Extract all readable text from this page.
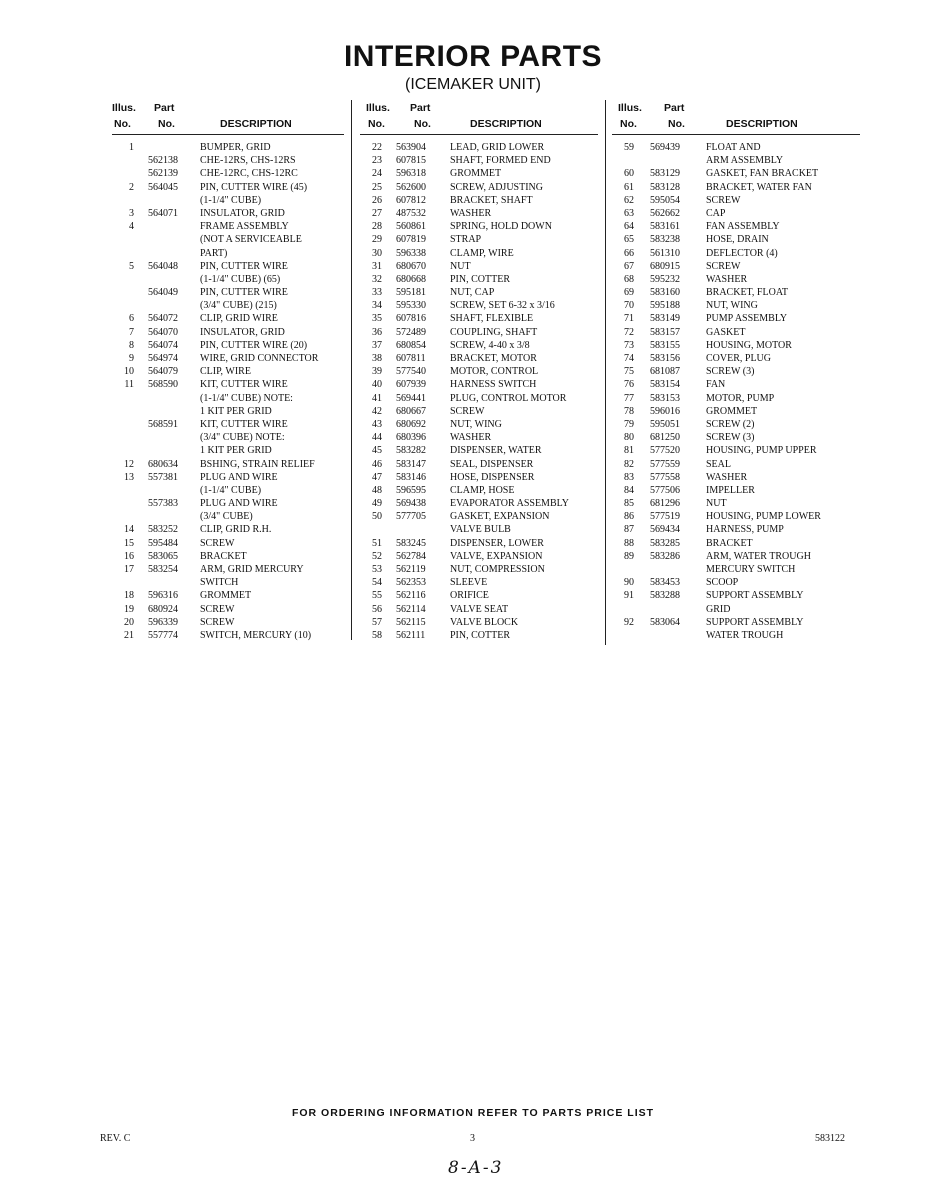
INTERIOR PARTS
(ICEMAKER UNIT)
Illus. Part
No.	No.	DESCRIPTION
1	BUMPER, GRID
562138 CHE-12RS, CHS-12RS
562139 CHE-12RC, CHS-12RC
2 564045 PIN, CUTTER WIRE (45)
(1-1/4" CUBE)
3 564071 INSULATOR, GRID
4	FRAME ASSEMBLY
(NOT A SERVICEABLE
PART)
5 564048 PIN, CUTTER WIRE
(1-1/4" CUBE) (65)
564049 PIN, CUTTER WIRE
(3/4" CUBE) (215)
6 564072 CLIP, GRID WIRE
7 564070 INSULATOR, GRID
8 564074 PIN, CUTTER WIRE (20)
9 564974 WIRE, GRID CONNECTOR
10 564079 CLIP, WIRE
11 568590 KIT, CUTTER WIRE
(1-1/4" CUBE) NOTE:
1 KIT PER GRID
568591 KIT, CUTTER WIRE
(3/4" CUBE) NOTE:
1 KIT PER GRID
12 680634 BSHING, STRAIN RELIEF
13 557381 PLUG AND WIRE
(1-1/4" CUBE)
557383 PLUG AND WIRE
(3/4" CUBE)
14 583252 CLIP, GRID R.H.
15 595484 SCREW
16 583065 BRACKET
17 583254 ARM, GRID MERCURY
SWITCH
18 596316 GROMMET
19 680924 SCREW
20 596339 SCREW
21 557774 SWITCH, MERCURY (10)
Illus. Part
No.	No.	DESCRIPTION
22 563904 LEAD, GRID LOWER
23 607815 SHAFT, FORMED END
24 596318 GROMMET
25 562600 SCREW, ADJUSTING
26 607812 BRACKET, SHAFT
27 487532 WASHER
28 560861 SPRING, HOLD DOWN
29 607819 STRAP
30 596338 CLAMP, WIRE
31 680670 NUT
32 680668 PIN, COTTER
33 595181 NUT, CAP
34 595330 SCREW, SET 6-32 x 3/16
35 607816 SHAFT, FLEXIBLE
36 572489 COUPLING, SHAFT
37 680854 SCREW, 4-40 x 3/8
38 607811 BRACKET, MOTOR
39 577540 MOTOR, CONTROL
40 607939 HARNESS SWITCH
41 569441 PLUG, CONTROL MOTOR
42 680667 SCREW
43 680692 NUT, WING
44 680396 WASHER
45 583282 DISPENSER, WATER
46 583147 SEAL, DISPENSER
47 583146 HOSE, DISPENSER
48 596595 CLAMP, HOSE
49 569438 EVAPORATOR ASSEMBLY
50 577705 GASKET, EXPANSION
VALVE BULB
51 583245 DISPENSER, LOWER
52 562784 VALVE, EXPANSION
53 562119 NUT, COMPRESSION
54 562353 SLEEVE
55 562116 ORIFICE
56 562114 VALVE SEAT
57 562115 VALVE BLOCK
58 562111 PIN, COTTER
Illus. Part
No.	No.	DESCRIPTION
59 569439	FLOAT AND
ARM ASSEMBLY
60 583129	GASKET, FAN BRACKET
61 583128	BRACKET, WATER FAN
62 595054	SCREW
63 562662	CAP
64 583161	FAN ASSEMBLY
65 583238	HOSE, DRAIN
66 561310	DEFLECTOR (4)
67 680915	SCREW
68 595232	WASHER
69 583160	BRACKET, FLOAT
70 595188	NUT, WING
71 583149	PUMP ASSEMBLY
72 583157	GASKET
73 583155	HOUSING, MOTOR
74 583156	COVER, PLUG
75 681087	SCREW (3)
76 583154	FAN
77 583153	MOTOR, PUMP
78 596016	GROMMET
79 595051	SCREW (2)
80 681250	SCREW (3)
81 577520	HOUSING, PUMP UPPER
82 577559	SEAL
83 577558	WASHER
84 577506	IMPELLER
85 681296	NUT
86 577519	HOUSING, PUMP LOWER
87 569434	HARNESS, PUMP
88 583285	BRACKET
89 583286	ARM, WATER TROUGH
MERCURY SWITCH
90 583453	SCOOP
91 583288	SUPPORT ASSEMBLY
GRID
92 583064	SUPPORT ASSEMBLY
WATER TROUGH
FOR ORDERING INFORMATION REFER TO PARTS PRICE LIST
REV. C	3	583122
8-A-3
